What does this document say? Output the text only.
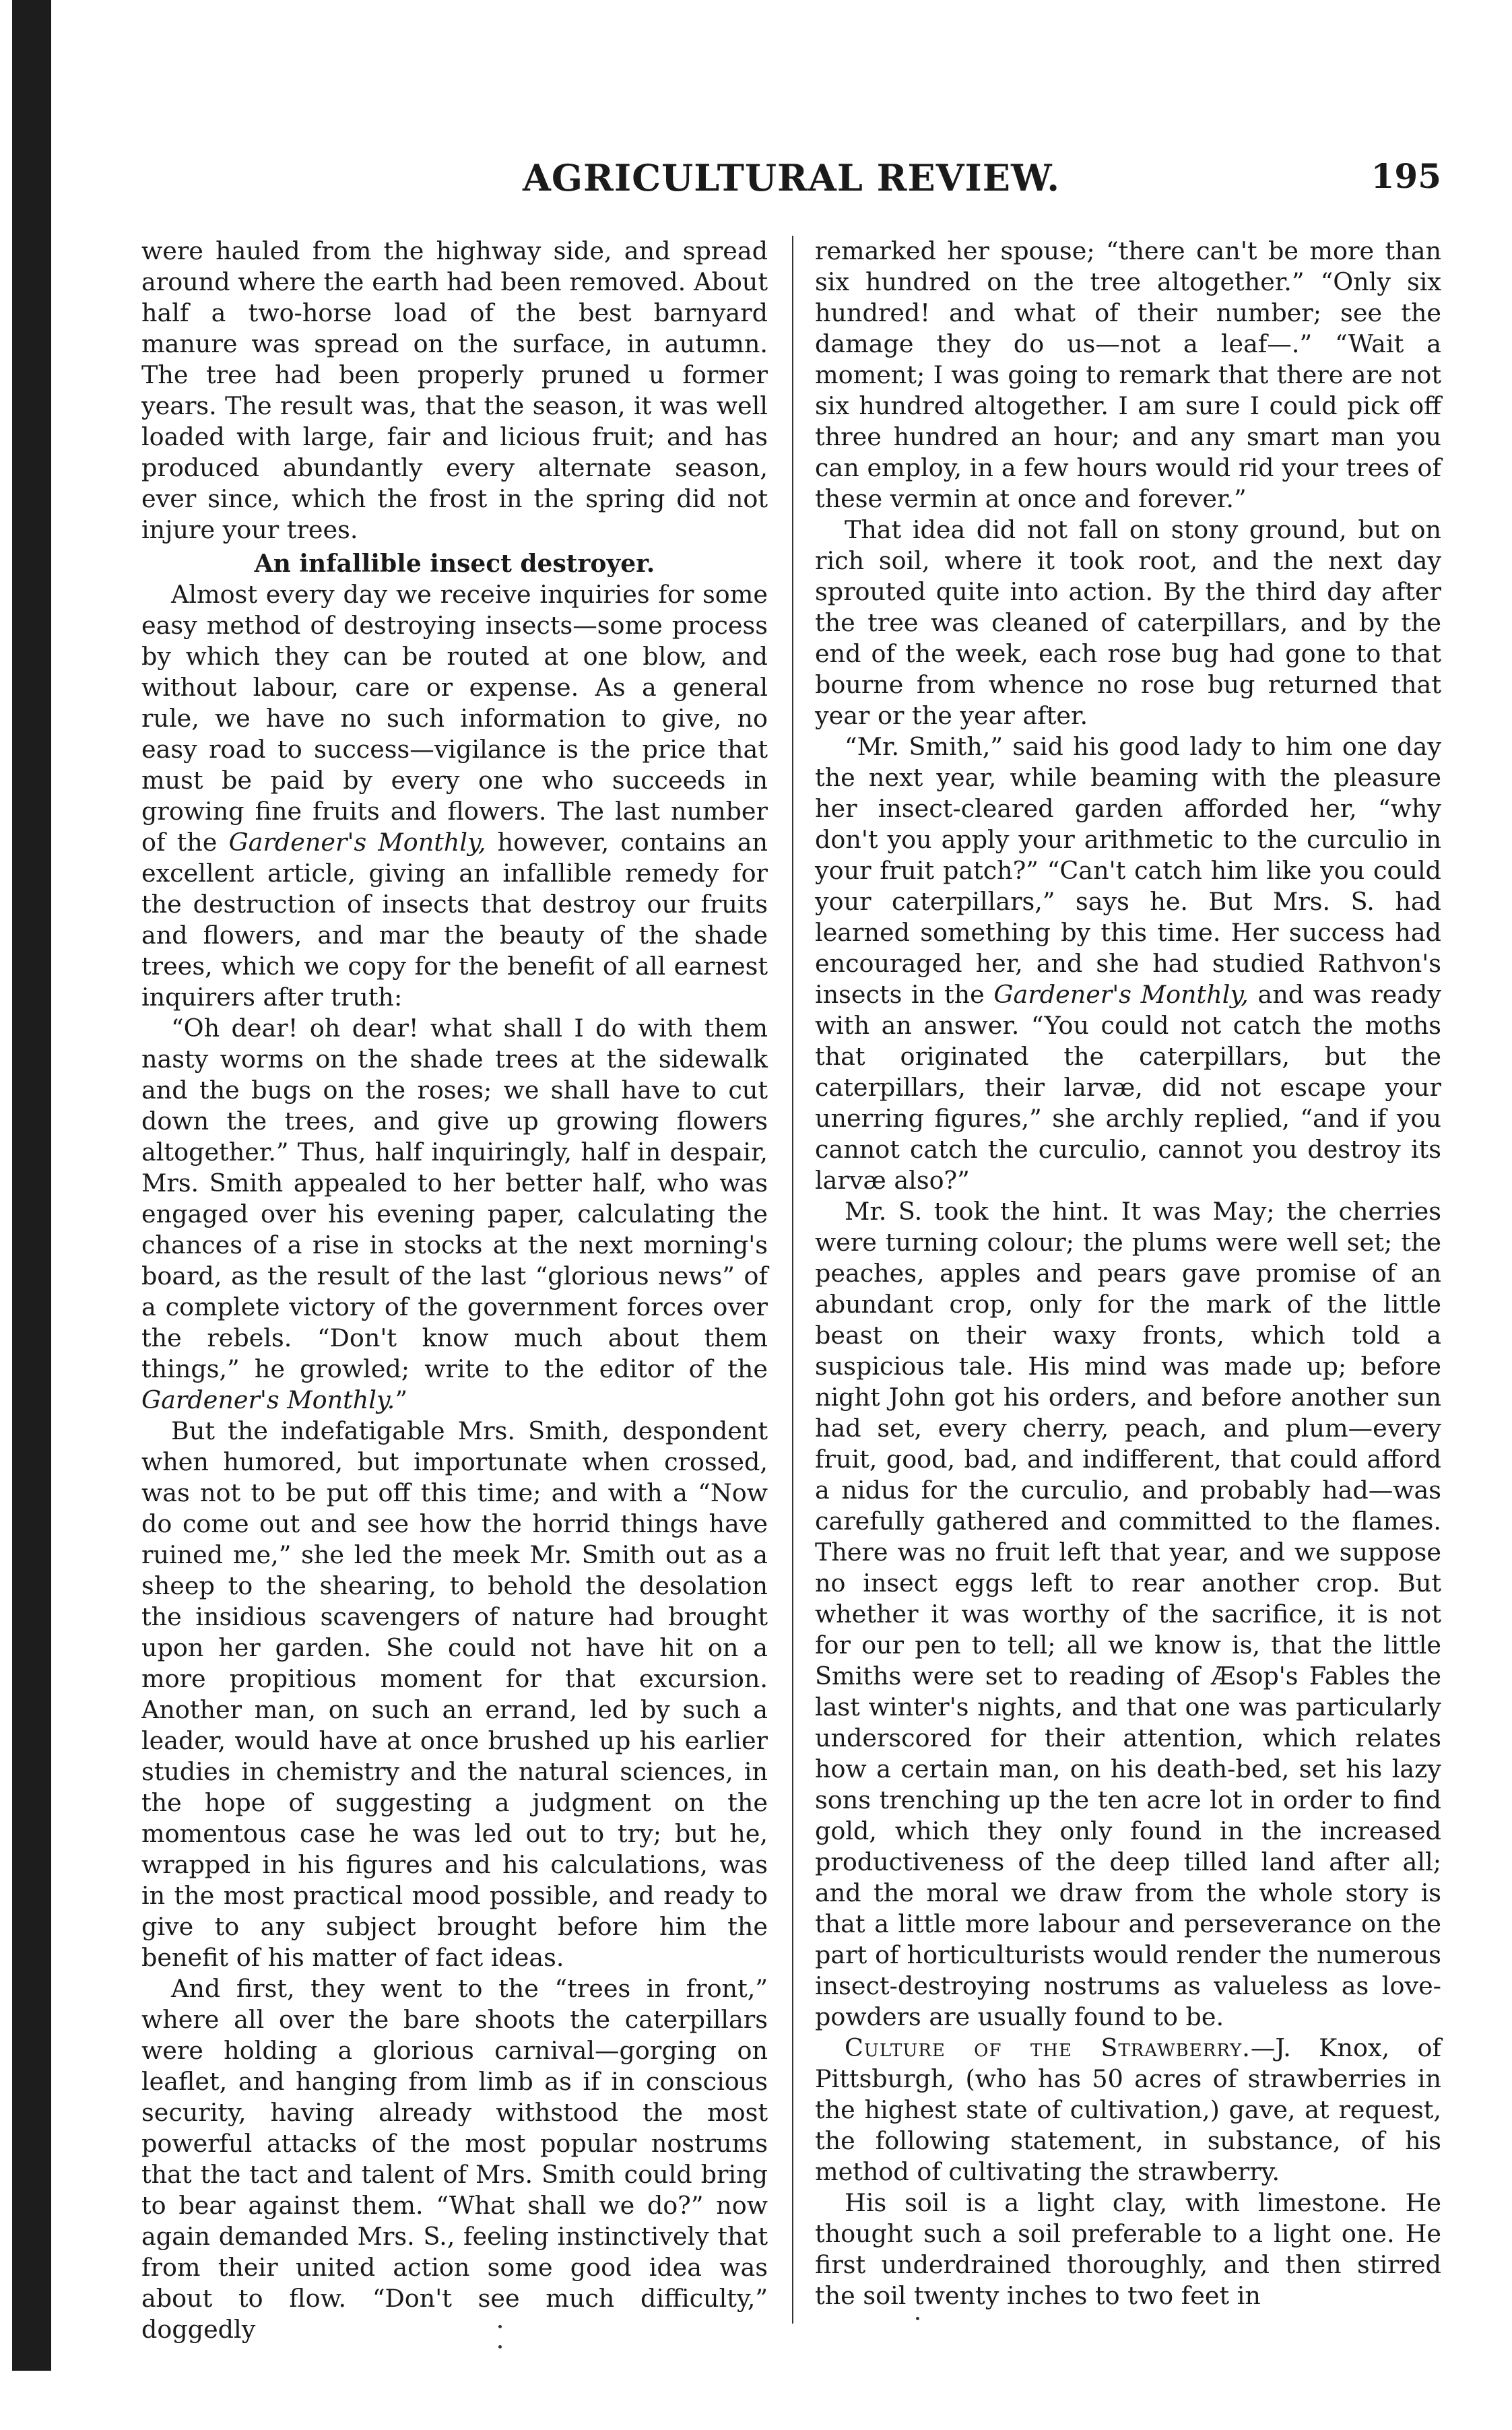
AGRICULTURAL REVIEW.	195

were hauled from the highway side, and spread around where the earth had been removed. About half a two-horse load of the best barnyard manure was spread on the surface, in autumn. The tree had been properly pruned u former years. The result was, that the season, it was well loaded with large, fair and licious fruit; and has produced abundantly every alternate season, ever since, which the frost in the spring did not injure your trees.

An infallible insect destroyer.

Almost every day we receive inquiries for some easy method of destroying insects—some process by which they can be routed at one blow, and without labour, care or expense. As a general rule, we have no such information to give, no easy road to success—vigilance is the price that must be paid by every one who succeeds in growing fine fruits and flowers. The last number of the Gardener's Monthly, however, contains an excellent article, giving an infallible remedy for the destruction of insects that destroy our fruits and flowers, and mar the beauty of the shade trees, which we copy for the benefit of all earnest inquirers after truth:

“Oh dear! oh dear! what shall I do with them nasty worms on the shade trees at the sidewalk and the bugs on the roses; we shall have to cut down the trees, and give up growing flowers altogether.” Thus, half inquiringly, half in despair, Mrs. Smith appealed to her better half, who was engaged over his evening paper, calculating the chances of a rise in stocks at the next morning's board, as the result of the last “glorious news” of a complete victory of the government forces over the rebels. “Don't know much about them things,” he growled; write to the editor of the Gardener's Monthly.”

But the indefatigable Mrs. Smith, despondent when humored, but importunate when crossed, was not to be put off this time; and with a “Now do come out and see how the horrid things have ruined me,” she led the meek Mr. Smith out as a sheep to the shearing, to behold the desolation the insidious scavengers of nature had brought upon her garden. She could not have hit on a more propitious moment for that excursion. Another man, on such an errand, led by such a leader, would have at once brushed up his earlier studies in chemistry and the natural sciences, in the hope of suggesting a judgment on the momentous case he was led out to try; but he, wrapped in his figures and his calculations, was in the most practical mood possible, and ready to give to any subject brought before him the benefit of his matter of fact ideas.

And first, they went to the “trees in front,” where all over the bare shoots the caterpillars were holding a glorious carnival—gorging on leaflet, and hanging from limb as if in conscious security, having already withstood the most powerful attacks of the most popular nostrums that the tact and talent of Mrs. Smith could bring to bear against them. “What shall we do?” now again demanded Mrs. S., feeling instinctively that from their united action some good idea was about to flow. “Don't see much difficulty,” doggedly

remarked her spouse; “there can't be more than six hundred on the tree altogether.” “Only six hundred! and what of their number; see the damage they do us—not a leaf—.” “Wait a moment; I was going to remark that there are not six hundred altogether. I am sure I could pick off three hundred an hour; and any smart man you can employ, in a few hours would rid your trees of these vermin at once and forever.”

That idea did not fall on stony ground, but on rich soil, where it took root, and the next day sprouted quite into action. By the third day after the tree was cleaned of caterpillars, and by the end of the week, each rose bug had gone to that bourne from whence no rose bug returned that year or the year after.

“Mr. Smith,” said his good lady to him one day the next year, while beaming with the pleasure her insect-cleared garden afforded her, “why don't you apply your arithmetic to the curculio in your fruit patch?” “Can't catch him like you could your caterpillars,” says he. But Mrs. S. had learned something by this time. Her success had encouraged her, and she had studied Rathvon's insects in the Gardener's Monthly, and was ready with an answer. “You could not catch the moths that originated the caterpillars, but the caterpillars, their larvæ, did not escape your unerring figures,” she archly replied, “and if you cannot catch the curculio, cannot you destroy its larvæ also?”

Mr. S. took the hint. It was May; the cherries were turning colour; the plums were well set; the peaches, apples and pears gave promise of an abundant crop, only for the mark of the little beast on their waxy fronts, which told a suspicious tale. His mind was made up; before night John got his orders, and before another sun had set, every cherry, peach, and plum—every fruit, good, bad, and indifferent, that could afford a nidus for the curculio, and probably had—was carefully gathered and committed to the flames. There was no fruit left that year, and we suppose no insect eggs left to rear another crop. But whether it was worthy of the sacrifice, it is not for our pen to tell; all we know is, that the little Smiths were set to reading of Æsop's Fables the last winter's nights, and that one was particularly underscored for their attention, which relates how a certain man, on his death-bed, set his lazy sons trenching up the ten acre lot in order to find gold, which they only found in the increased productiveness of the deep tilled land after all; and the moral we draw from the whole story is that a little more labour and perseverance on the part of horticulturists would render the numerous insect-destroying nostrums as valueless as love-powders are usually found to be.

Culture of the Strawberry.—J. Knox, of Pittsburgh, (who has 50 acres of strawberries in the highest state of cultivation,) gave, at request, the following statement, in substance, of his method of cultivating the strawberry.

His soil is a light clay, with limestone. He thought such a soil preferable to a light one. He first underdrained thoroughly, and then stirred the soil twenty inches to two feet in
